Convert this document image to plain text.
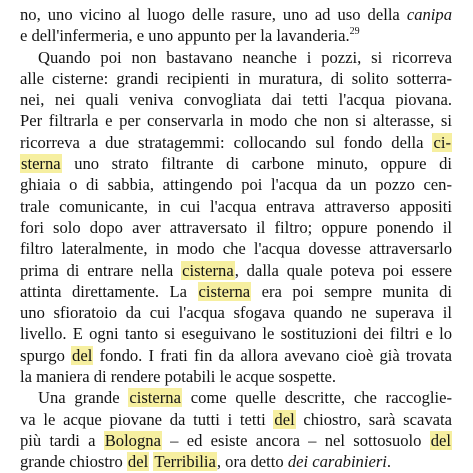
no, uno vicino al luogo delle rasure, uno ad uso della canipa
e dell'infermeria, e uno appunto per la lavanderia.$^{29}$
Quando poi non bastavano neanche i pozzi, si ricorreva
alle cisterne: grandi recipienti in muratura, di solito sotterra-
nei, nei quali veniva convogliata dai tetti l'acqua piovana.
Per filtrarla e per conservarla in modo che non si alterasse, si
ricorreva a due stratagemmi: collocando sul fondo della ci-
sterna uno strato filtrante di carbone minuto, oppure di
ghiaia o di sabbia, attingendo poi l'acqua da un pozzo cen-
trale comunicante, in cui l'acqua entrava attraverso appositi
fori solo dopo aver attraversato il filtro; oppure ponendo il
filtro lateralmente, in modo che l'acqua dovesse attraversarlo
prima di entrare nella cisterna, dalla quale poteva poi essere
attinta direttamente. La cisterna era poi sempre munita di
uno sfioratoio da cui l'acqua sfogava quando ne superava il
livello. E ogni tanto si eseguivano le sostituzioni dei filtri e lo
spurgo del fondo. I frati fin da allora avevano cioè già trovata
la maniera di rendere potabili le acque sospette.
Una grande cisterna come quelle descritte, che raccoglie-
va le acque piovane da tutti i tetti del chiostro, sarà scavata
più tardi a Bologna – ed esiste ancora – nel sottosuolo del
grande chiostro del Terribilia, ora detto dei carabinieri.
